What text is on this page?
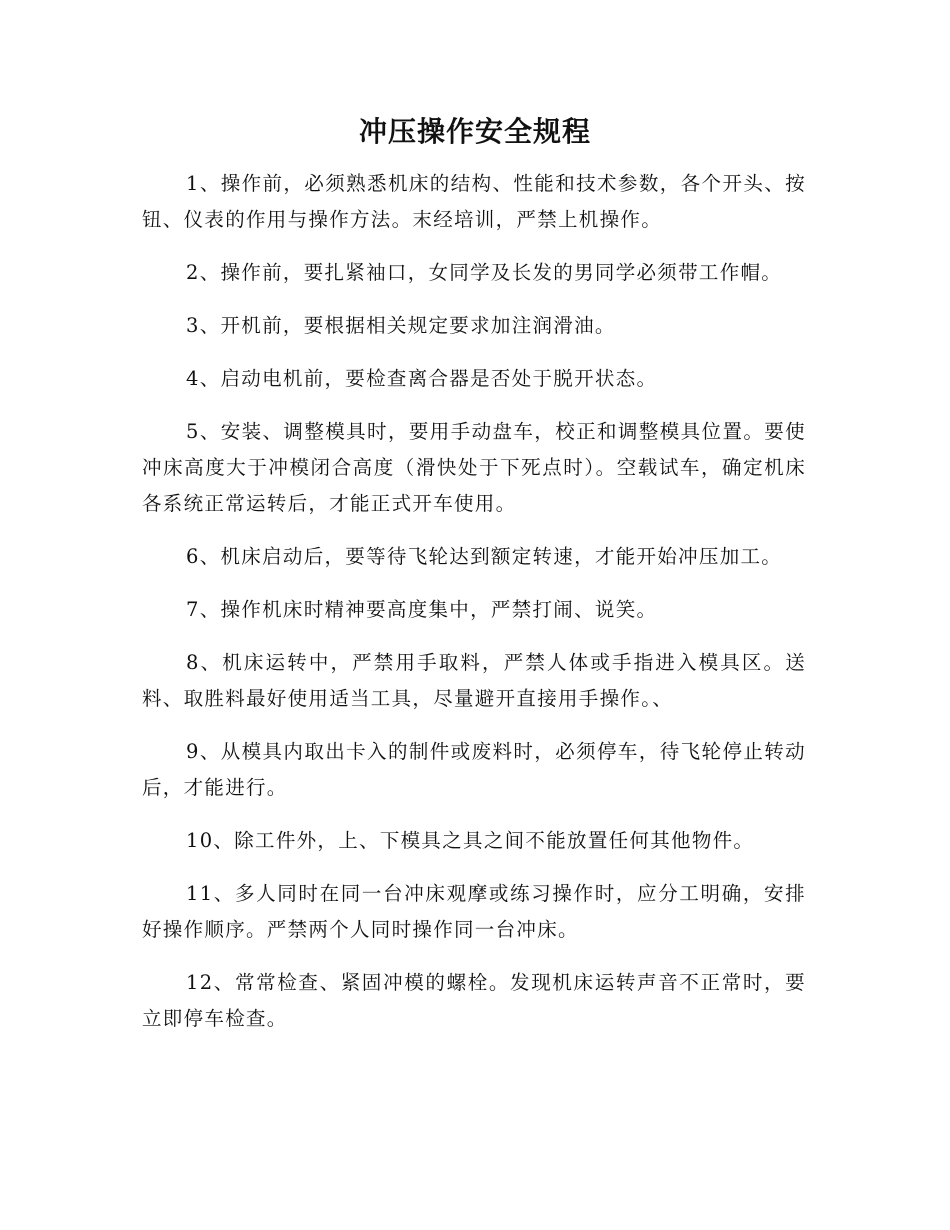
冲压操作安全规程

1、操作前，必须熟悉机床的结构、性能和技术参数，各个开头、按钮、仪表的作用与操作方法。末经培训，严禁上机操作。

2、操作前，要扎紧袖口，女同学及长发的男同学必须带工作帽。

3、开机前，要根据相关规定要求加注润滑油。

4、启动电机前，要检查离合器是否处于脱开状态。

5、安装、调整模具时，要用手动盘车，校正和调整模具位置。要使冲床高度大于冲模闭合高度（滑快处于下死点时）。空载试车，确定机床各系统正常运转后，才能正式开车使用。

6、机床启动后，要等待飞轮达到额定转速，才能开始冲压加工。

7、操作机床时精神要高度集中，严禁打闹、说笑。

8、机床运转中，严禁用手取料，严禁人体或手指进入模具区。送料、取胜料最好使用适当工具，尽量避开直接用手操作。、

9、从模具内取出卡入的制件或废料时，必须停车，待飞轮停止转动后，才能进行。

10、除工件外，上、下模具之具之间不能放置任何其他物件。

11、多人同时在同一台冲床观摩或练习操作时，应分工明确，安排好操作顺序。严禁两个人同时操作同一台冲床。

12、常常检查、紧固冲模的螺栓。发现机床运转声音不正常时，要立即停车检查。
